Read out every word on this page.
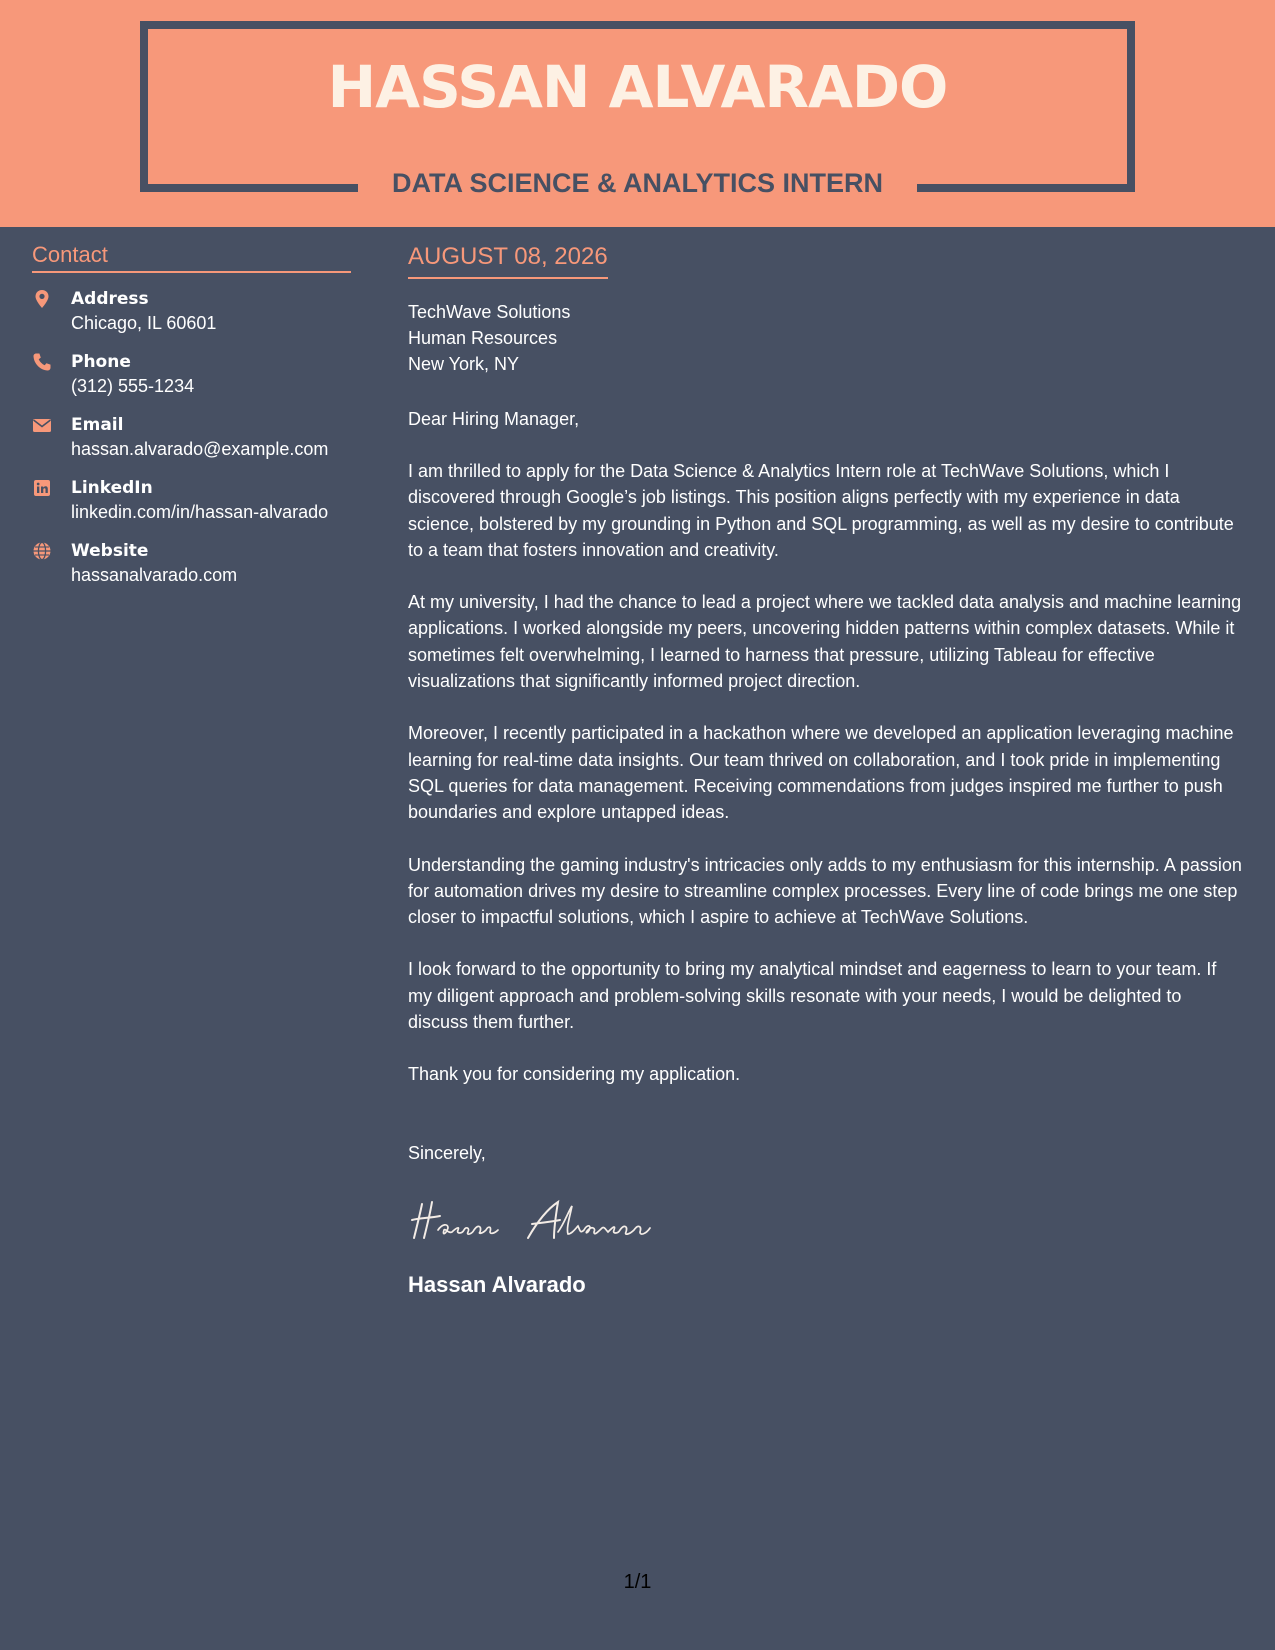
HASSAN ALVARADO
DATA SCIENCE & ANALYTICS INTERN
Contact
Address
Chicago, IL 60601
Phone
(312) 555-1234
Email
hassan.alvarado@example.com
LinkedIn
linkedin.com/in/hassan-alvarado
Website
hassanalvarado.com
AUGUST 08, 2026
TechWave Solutions
Human Resources
New York, NY
Dear Hiring Manager,

I am thrilled to apply for the Data Science & Analytics Intern role at TechWave Solutions, which I discovered through Google’s job listings. This position aligns perfectly with my experience in data science, bolstered by my grounding in Python and SQL programming, as well as my desire to contribute to a team that fosters innovation and creativity.

At my university, I had the chance to lead a project where we tackled data analysis and machine learning applications. I worked alongside my peers, uncovering hidden patterns within complex datasets. While it sometimes felt overwhelming, I learned to harness that pressure, utilizing Tableau for effective visualizations that significantly informed project direction.

Moreover, I recently participated in a hackathon where we developed an application leveraging machine learning for real-time data insights. Our team thrived on collaboration, and I took pride in implementing SQL queries for data management. Receiving commendations from judges inspired me further to push boundaries and explore untapped ideas.

Understanding the gaming industry's intricacies only adds to my enthusiasm for this internship. A passion for automation drives my desire to streamline complex processes. Every line of code brings me one step closer to impactful solutions, which I aspire to achieve at TechWave Solutions.

I look forward to the opportunity to bring my analytical mindset and eagerness to learn to your team. If my diligent approach and problem-solving skills resonate with your needs, I would be delighted to discuss them further.

Thank you for considering my application.

Sincerely,
Hassan Alvarado
1/1
